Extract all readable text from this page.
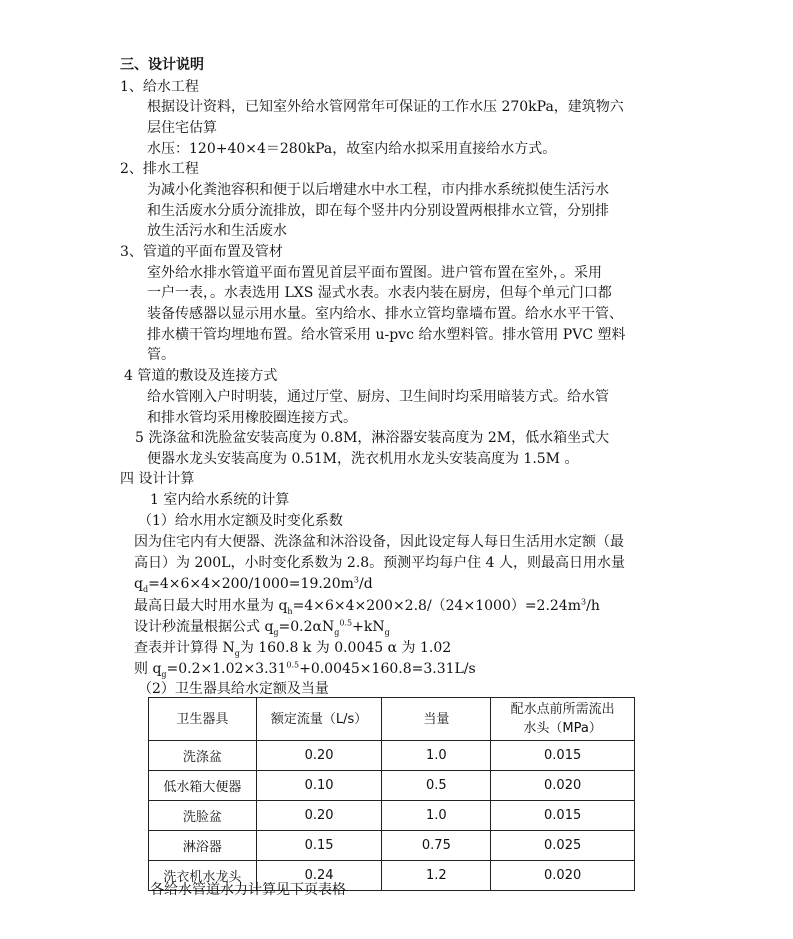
三、设计说明
1、给水工程
根据设计资料，已知室外给水管网常年可保证的工作水压 270kPa，建筑物六
层住宅估算
水压：120+40×4＝280kPa，故室内给水拟采用直接给水方式。
2、排水工程
为减小化粪池容积和便于以后增建水中水工程，市内排水系统拟使生活污水
和生活废水分质分流排放，即在每个竖井内分别设置两根排水立管，分别排
放生活污水和生活废水
3、管道的平面布置及管材
室外给水排水管道平面布置见首层平面布置图。进户管布置在室外，。采用
一户一表，。水表选用 LXS 湿式水表。水表内装在厨房，但每个单元门口都
装备传感器以显示用水量。室内给水、排水立管均靠墙布置。给水水平干管、
排水横干管均埋地布置。给水管采用 u-pvc 给水塑料管。排水管用 PVC 塑料
管。
4 管道的敷设及连接方式
给水管刚入户时明装，通过厅堂、厨房、卫生间时均采用暗装方式。给水管
和排水管均采用橡胶圈连接方式。
5 洗涤盆和洗脸盆安装高度为 0.8M，淋浴器安装高度为 2M，低水箱坐式大
便器水龙头安装高度为 0.51M，洗衣机用水龙头安装高度为 1.5M 。
四 设计计算
1 室内给水系统的计算
（1）给水用水定额及时变化系数
因为住宅内有大便器、洗涤盆和沐浴设备，因此设定每人每日生活用水定额（最
高日）为 200L，小时变化系数为 2.8。预测平均每户住 4 人，则最高日用水量
$q_d=4\times 6\times 4\times 200/1000=19.20m^3/d$
最高日最大时用水量为 $q_h=4\times 6\times 4\times 200\times 2.8/(24\times 1000)=2.24m^3/h$
设计秒流量根据公式 $q_g=0.2\alpha N_g^{0.5}+kN_g$
查表并计算得 $N_g$为 160.8 k 为 0.0045 α 为 1.02
则 $q_g=0.2\times 1.02\times 3.31^{0.5}+0.0045\times 160.8=3.31L/s$
（2）卫生器具给水定额及当量
卫生器具	额定流量（L/s）	当量	配水点前所需流出
水头（MPa）
洗涤盆	0.20	1.0	0.015
低水箱大便器	0.10	0.5	0.020
洗脸盆	0.20	1.0	0.015
淋浴器	0.15	0.75	0.025
洗衣机水龙头	0.24	1.2	0.020
各给水管道水力计算见下页表格
